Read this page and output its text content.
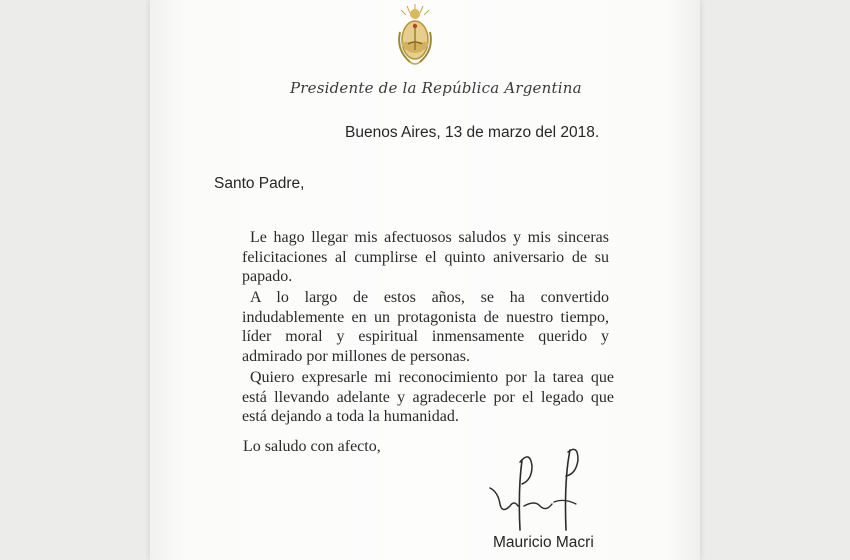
Presidente de la República Argentina
Buenos Aires, 13 de marzo del 2018.
Santo Padre,
Le hago llegar mis afectuosos saludos y mis sinceras felicitaciones al cumplirse el quinto aniversario de su papado.
A lo largo de estos años, se ha convertido indudablemente en un protagonista de nuestro tiempo, líder moral y espiritual inmensamente querido y admirado por millones de personas.
Quiero expresarle mi reconocimiento por la tarea que está llevando adelante y agradecerle por el legado que está dejando a toda la humanidad.
Lo saludo con afecto,
Mauricio Macri
